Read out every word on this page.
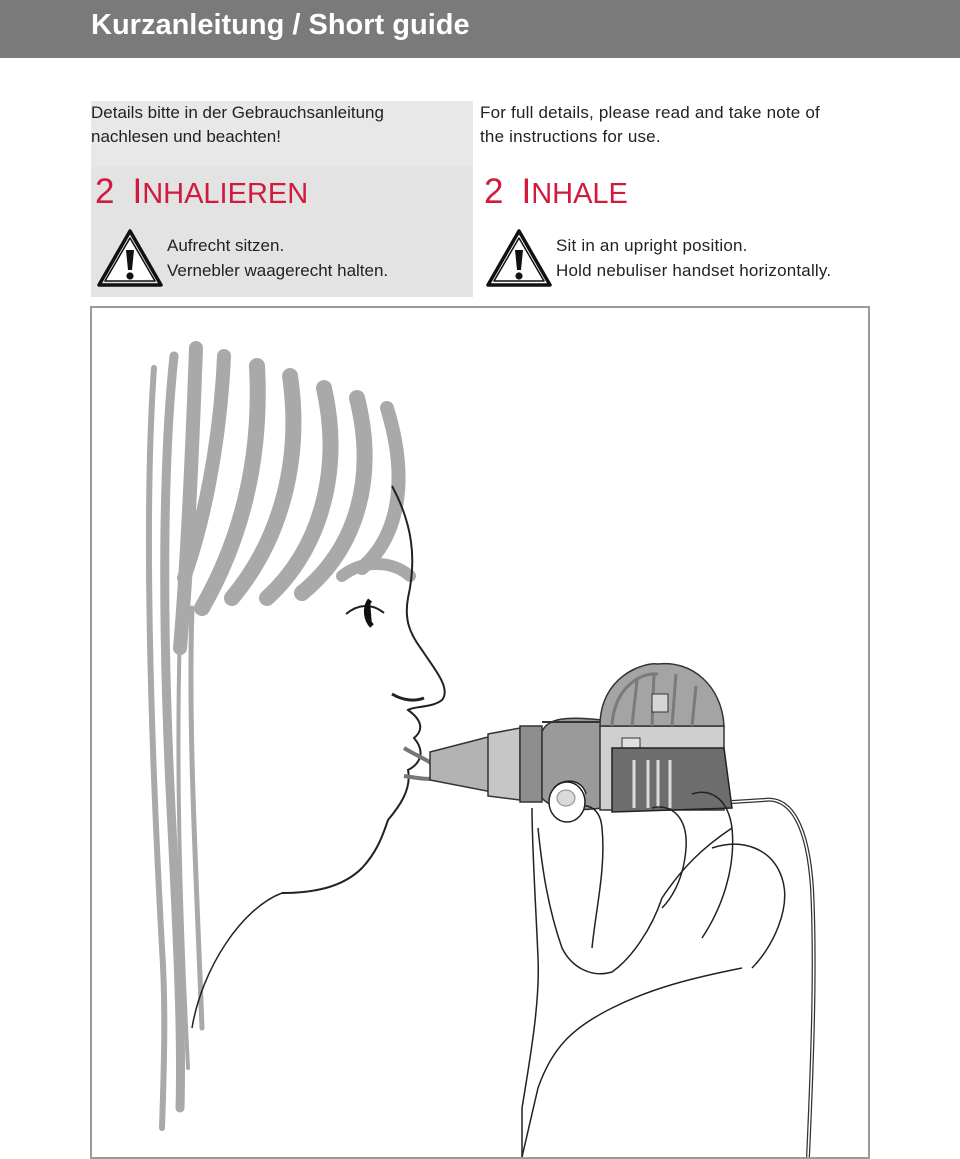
Kurzanleitung / Short guide
Details bitte in der Gebrauchsanleitung
nachlesen und beachten!
For full details, please read and take note of
the instructions for use.
2 INHALIEREN	2 INHALE
Aufrecht sitzen.
Vernebler waagerecht halten.
Sit in an upright position.
Hold nebuliser handset horizontally.
